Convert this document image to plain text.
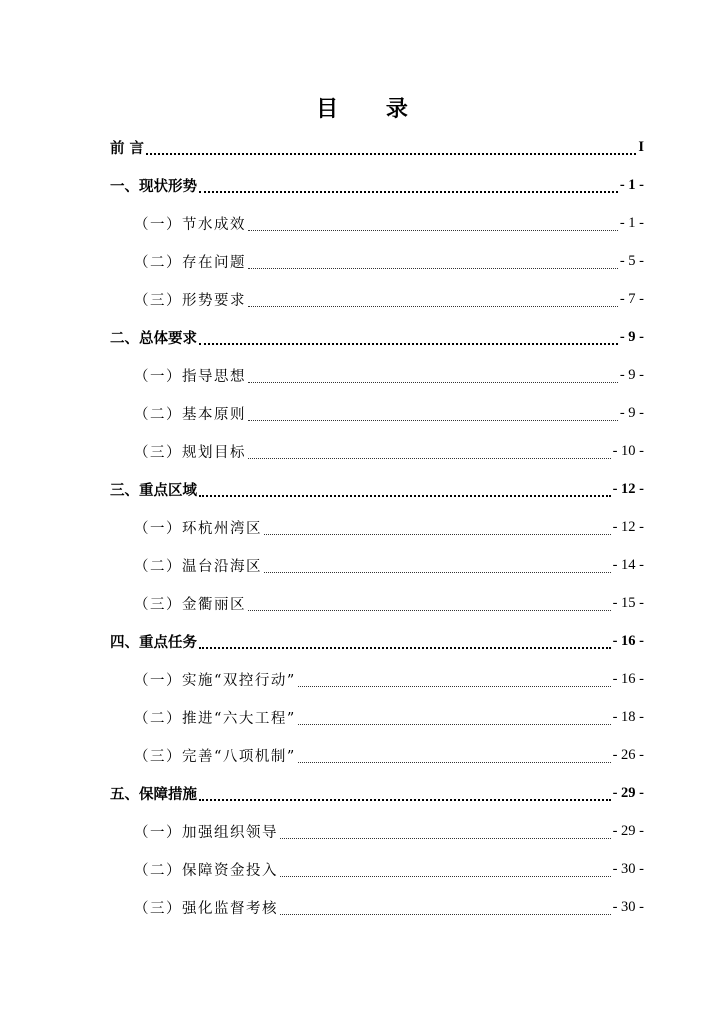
目 录
前 言	I
一、现状形势	- 1 -
（一）节水成效	- 1 -
（二）存在问题	- 5 -
（三）形势要求	- 7 -
二、总体要求	- 9 -
（一）指导思想	- 9 -
（二）基本原则	- 9 -
（三）规划目标	- 10 -
三、重点区域	- 12 -
（一）环杭州湾区	- 12 -
（二）温台沿海区	- 14 -
（三）金衢丽区	- 15 -
四、重点任务	- 16 -
（一）实施“双控行动”	- 16 -
（二）推进“六大工程”	- 18 -
（三）完善“八项机制”	- 26 -
五、保障措施	- 29 -
（一）加强组织领导	- 29 -
（二）保障资金投入	- 30 -
（三）强化监督考核	- 30 -
